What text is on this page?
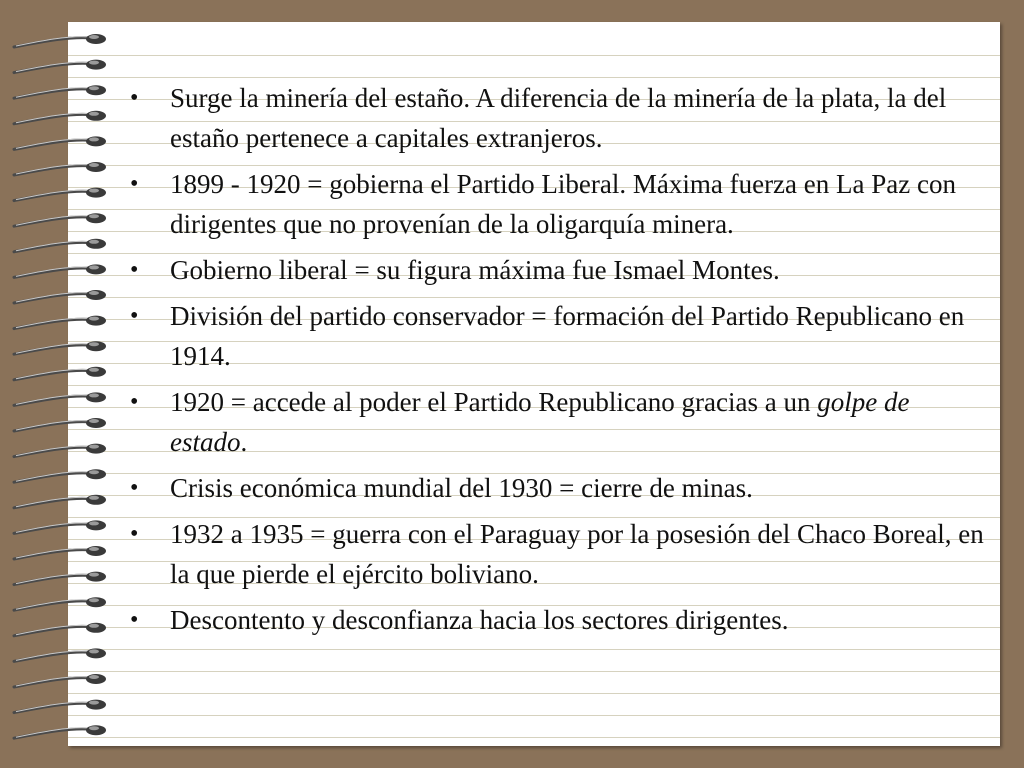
• Surge la minería del estaño. A diferencia de la minería de la plata, la del estaño pertenece a capitales extranjeros.
• 1899 - 1920 = gobierna el Partido Liberal. Máxima fuerza en La Paz con dirigentes que no provenían de la oligarquía minera.
• Gobierno liberal = su figura máxima fue Ismael Montes.
• División del partido conservador = formación del Partido Republicano en 1914.
• 1920 = accede al poder el Partido Republicano gracias a un golpe de estado.
• Crisis económica mundial del 1930 = cierre de minas.
• 1932 a 1935 = guerra con el Paraguay por la posesión del Chaco Boreal, en la que pierde el ejército boliviano.
• Descontento y desconfianza hacia los sectores dirigentes.
